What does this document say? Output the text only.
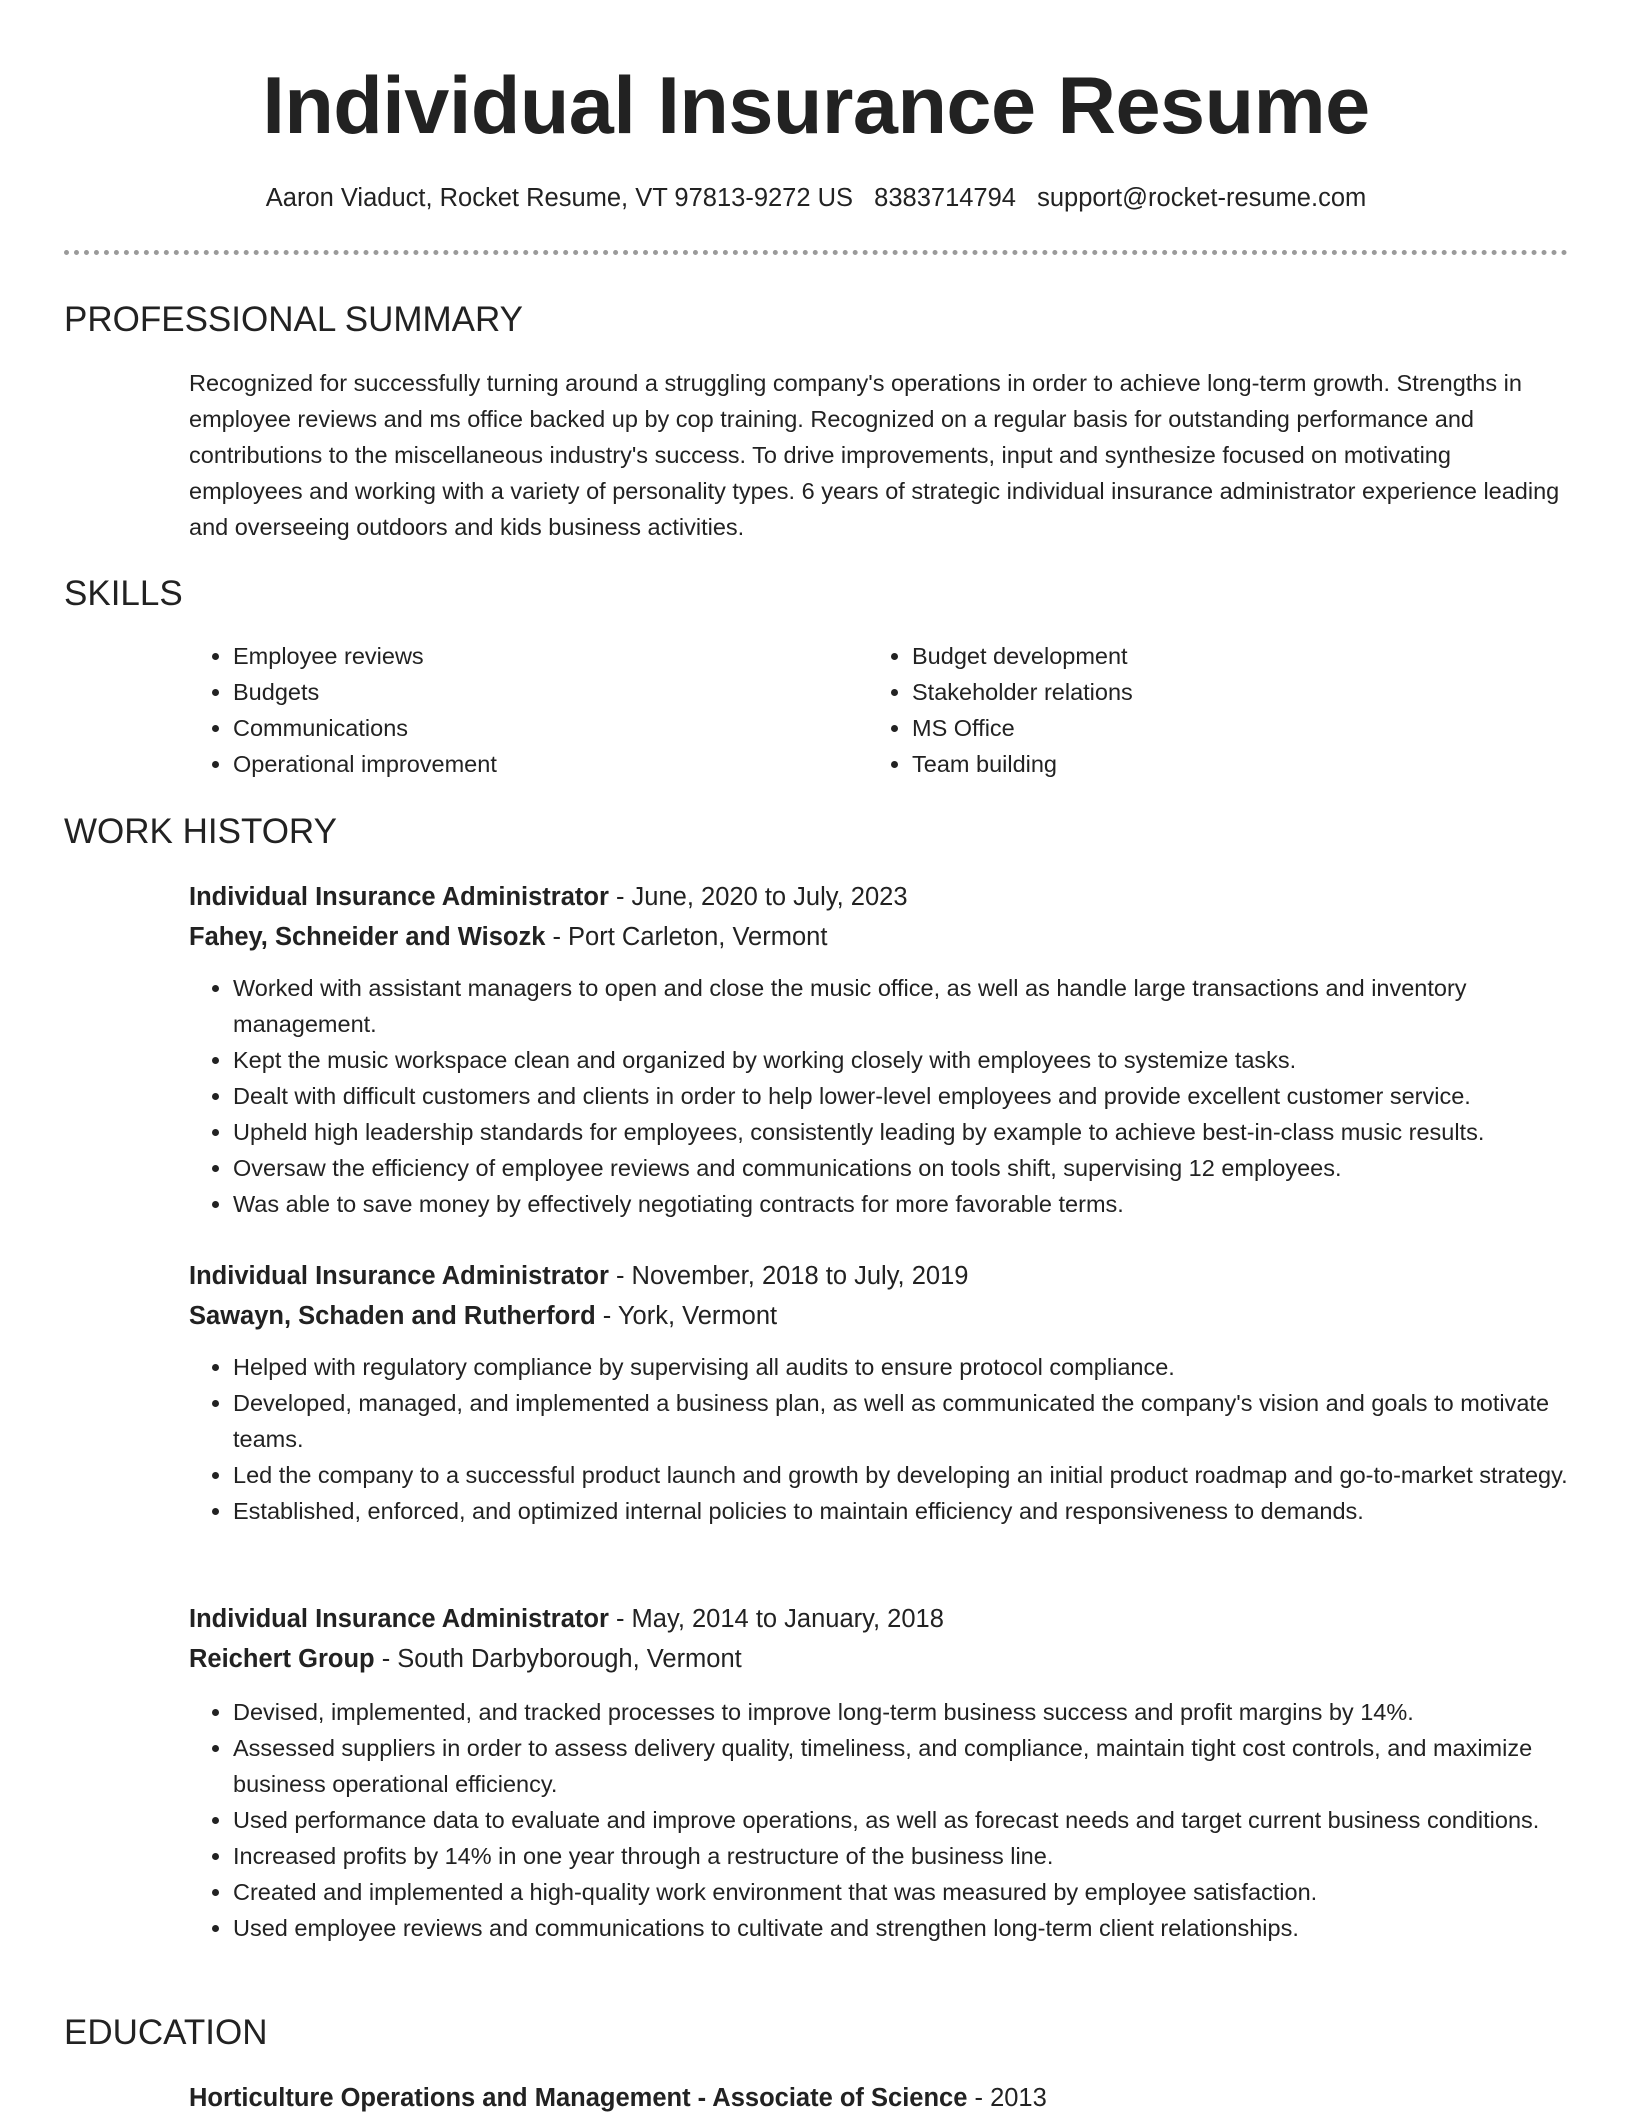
Individual Insurance Resume
Aaron Viaduct, Rocket Resume, VT 97813-9272 US 8383714794 support@rocket-resume.com
PROFESSIONAL SUMMARY

Recognized for successfully turning around a struggling company's operations in order to achieve long-term growth. Strengths in employee reviews and ms office backed up by cop training. Recognized on a regular basis for outstanding performance and contributions to the miscellaneous industry's success. To drive improvements, input and synthesize focused on motivating employees and working with a variety of personality types. 6 years of strategic individual insurance administrator experience leading and overseeing outdoors and kids business activities.

SKILLS
• Employee reviews
• Budgets
• Communications
• Operational improvement
• Budget development
• Stakeholder relations
• MS Office
• Team building
WORK HISTORY
Individual Insurance Administrator - June, 2020 to July, 2023
Fahey, Schneider and Wisozk - Port Carleton, Vermont
• Worked with assistant managers to open and close the music office, as well as handle large transactions and inventory management.
• Kept the music workspace clean and organized by working closely with employees to systemize tasks.
• Dealt with difficult customers and clients in order to help lower-level employees and provide excellent customer service.
• Upheld high leadership standards for employees, consistently leading by example to achieve best-in-class music results.
• Oversaw the efficiency of employee reviews and communications on tools shift, supervising 12 employees.
• Was able to save money by effectively negotiating contracts for more favorable terms.
Individual Insurance Administrator - November, 2018 to July, 2019
Sawayn, Schaden and Rutherford - York, Vermont
• Helped with regulatory compliance by supervising all audits to ensure protocol compliance.
• Developed, managed, and implemented a business plan, as well as communicated the company's vision and goals to motivate teams.
• Led the company to a successful product launch and growth by developing an initial product roadmap and go-to-market strategy.
• Established, enforced, and optimized internal policies to maintain efficiency and responsiveness to demands.
Individual Insurance Administrator - May, 2014 to January, 2018
Reichert Group - South Darbyborough, Vermont
• Devised, implemented, and tracked processes to improve long-term business success and profit margins by 14%.
• Assessed suppliers in order to assess delivery quality, timeliness, and compliance, maintain tight cost controls, and maximize business operational efficiency.
• Used performance data to evaluate and improve operations, as well as forecast needs and target current business conditions.
• Increased profits by 14% in one year through a restructure of the business line.
• Created and implemented a high-quality work environment that was measured by employee satisfaction.
• Used employee reviews and communications to cultivate and strengthen long-term client relationships.
EDUCATION
Horticulture Operations and Management - Associate of Science - 2013
